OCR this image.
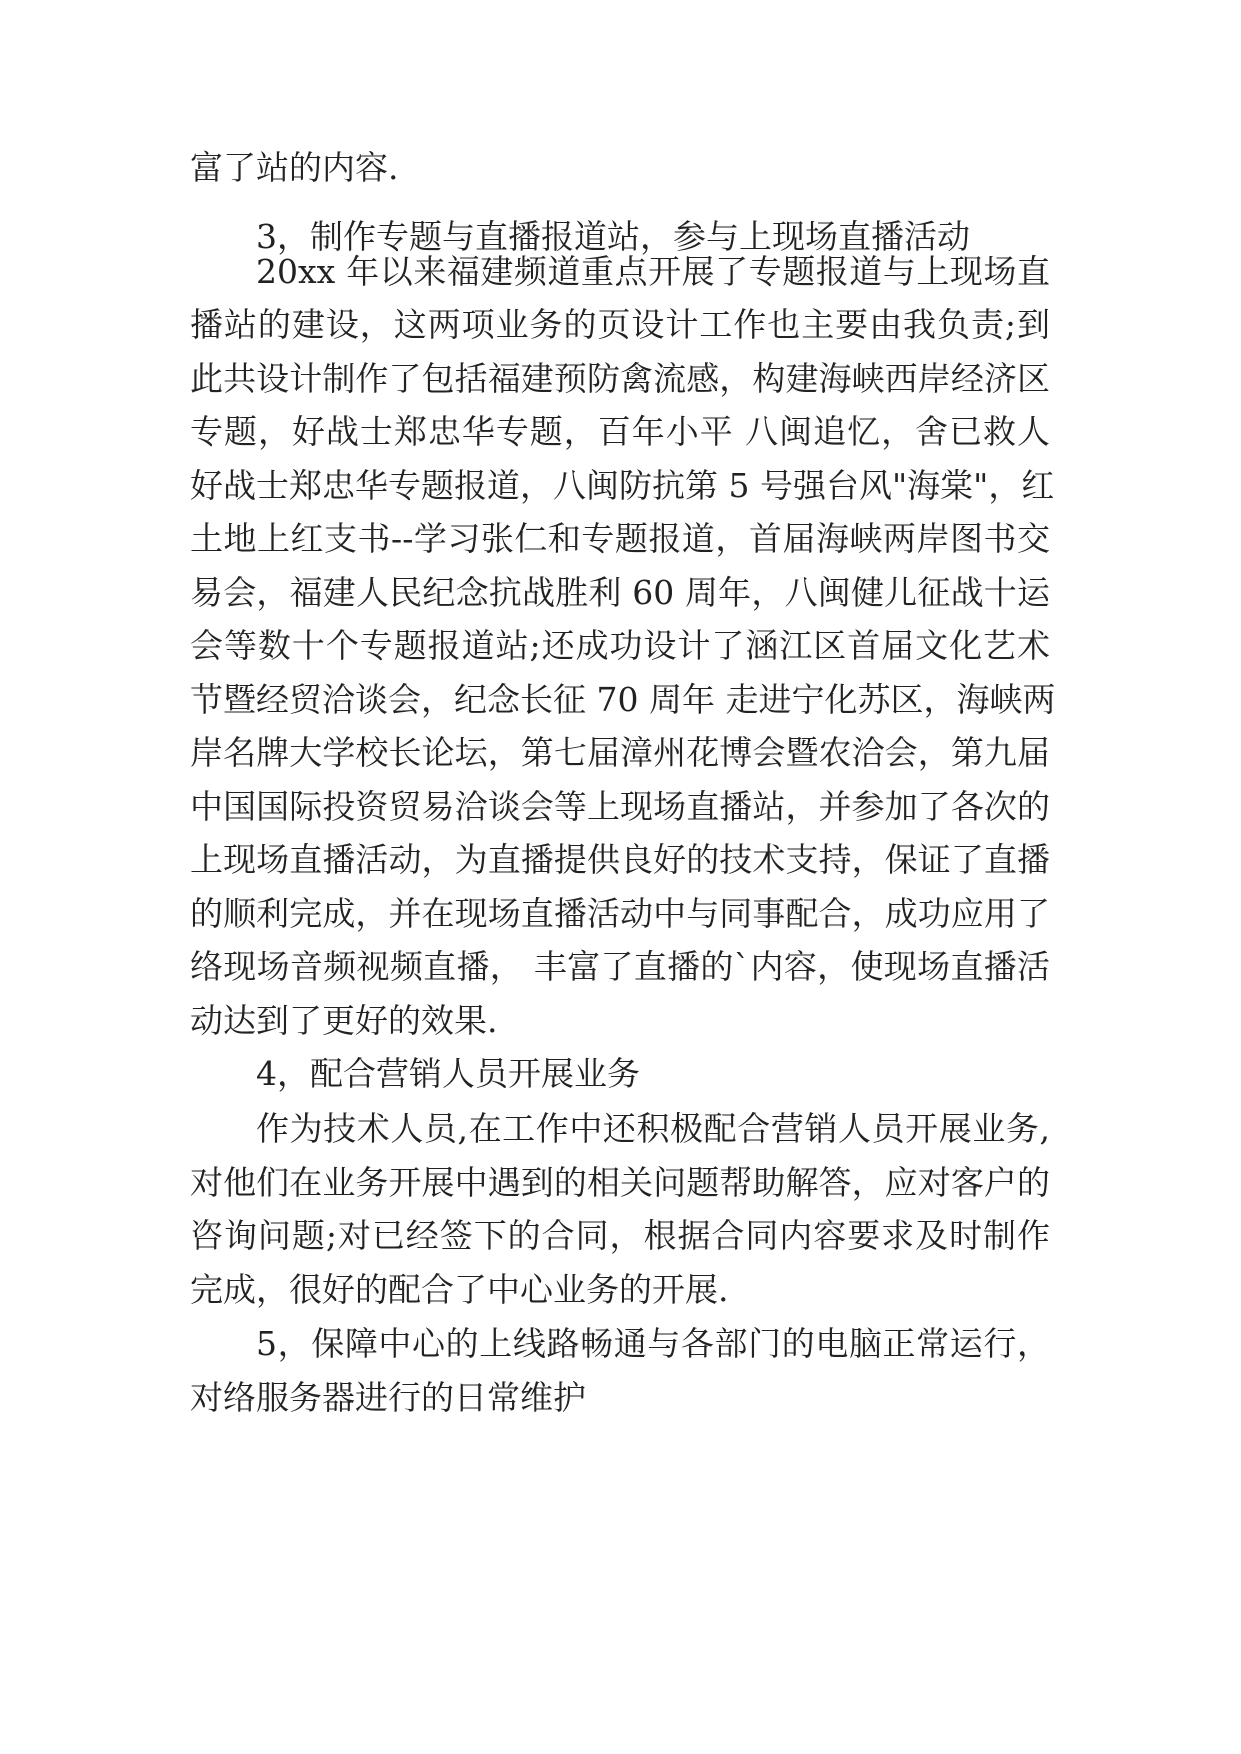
富了站的内容.

3，制作专题与直播报道站，参与上现场直播活动

20xx 年以来福建频道重点开展了专题报道与上现场直

播站的建设，这两项业务的页设计工作也主要由我负责;到

此共设计制作了包括福建预防禽流感，构建海峡西岸经济区

专题，好战士郑忠华专题，百年小平 八闽追忆，舍已救人

好战士郑忠华专题报道，八闽防抗第 5 号强台风"海棠"，红

土地上红支书--学习张仁和专题报道，首届海峡两岸图书交

易会，福建人民纪念抗战胜利 60 周年，八闽健儿征战十运

会等数十个专题报道站;还成功设计了涵江区首届文化艺术

节暨经贸洽谈会，纪念长征 70 周年 走进宁化苏区，海峡两

岸名牌大学校长论坛，第七届漳州花博会暨农洽会，第九届

中国国际投资贸易洽谈会等上现场直播站，并参加了各次的

上现场直播活动，为直播提供良好的技术支持，保证了直播

的顺利完成，并在现场直播活动中与同事配合，成功应用了

络现场音频视频直播， 丰富了直播的`内容，使现场直播活

动达到了更好的效果.

4，配合营销人员开展业务

作为技术人员,在工作中还积极配合营销人员开展业务,

对他们在业务开展中遇到的相关问题帮助解答，应对客户的

咨询问题;对已经签下的合同，根据合同内容要求及时制作

完成，很好的配合了中心业务的开展.

5，保障中心的上线路畅通与各部门的电脑正常运行，

对络服务器进行的日常维护
